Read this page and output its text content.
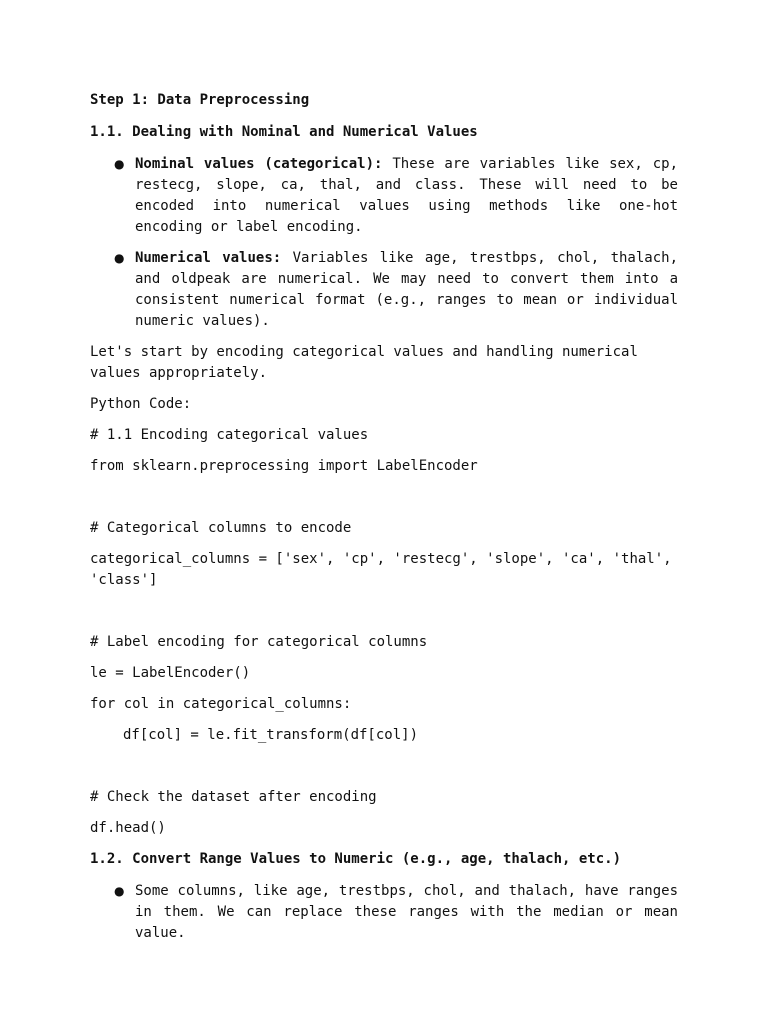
Step 1: Data Preprocessing

1.1. Dealing with Nominal and Numerical Values

● Nominal values (categorical): These are variables like sex, cp, restecg, slope, ca, thal, and class. These will need to be encoded into numerical values using methods like one-hot encoding or label encoding.
● Numerical values: Variables like age, trestbps, chol, thalach, and oldpeak are numerical. We may need to convert them into a consistent numerical format (e.g., ranges to mean or individual numeric values).

Let's start by encoding categorical values and handling numerical values appropriately.

Python Code:

# 1.1 Encoding categorical values

from sklearn.preprocessing import LabelEncoder

# Categorical columns to encode

categorical_columns = ['sex', 'cp', 'restecg', 'slope', 'ca', 'thal', 'class']

# Label encoding for categorical columns

le = LabelEncoder()

for col in categorical_columns:

df[col] = le.fit_transform(df[col])

# Check the dataset after encoding

df.head()

1.2. Convert Range Values to Numeric (e.g., age, thalach, etc.)

● Some columns, like age, trestbps, chol, and thalach, have ranges in them. We can replace these ranges with the median or mean value.
